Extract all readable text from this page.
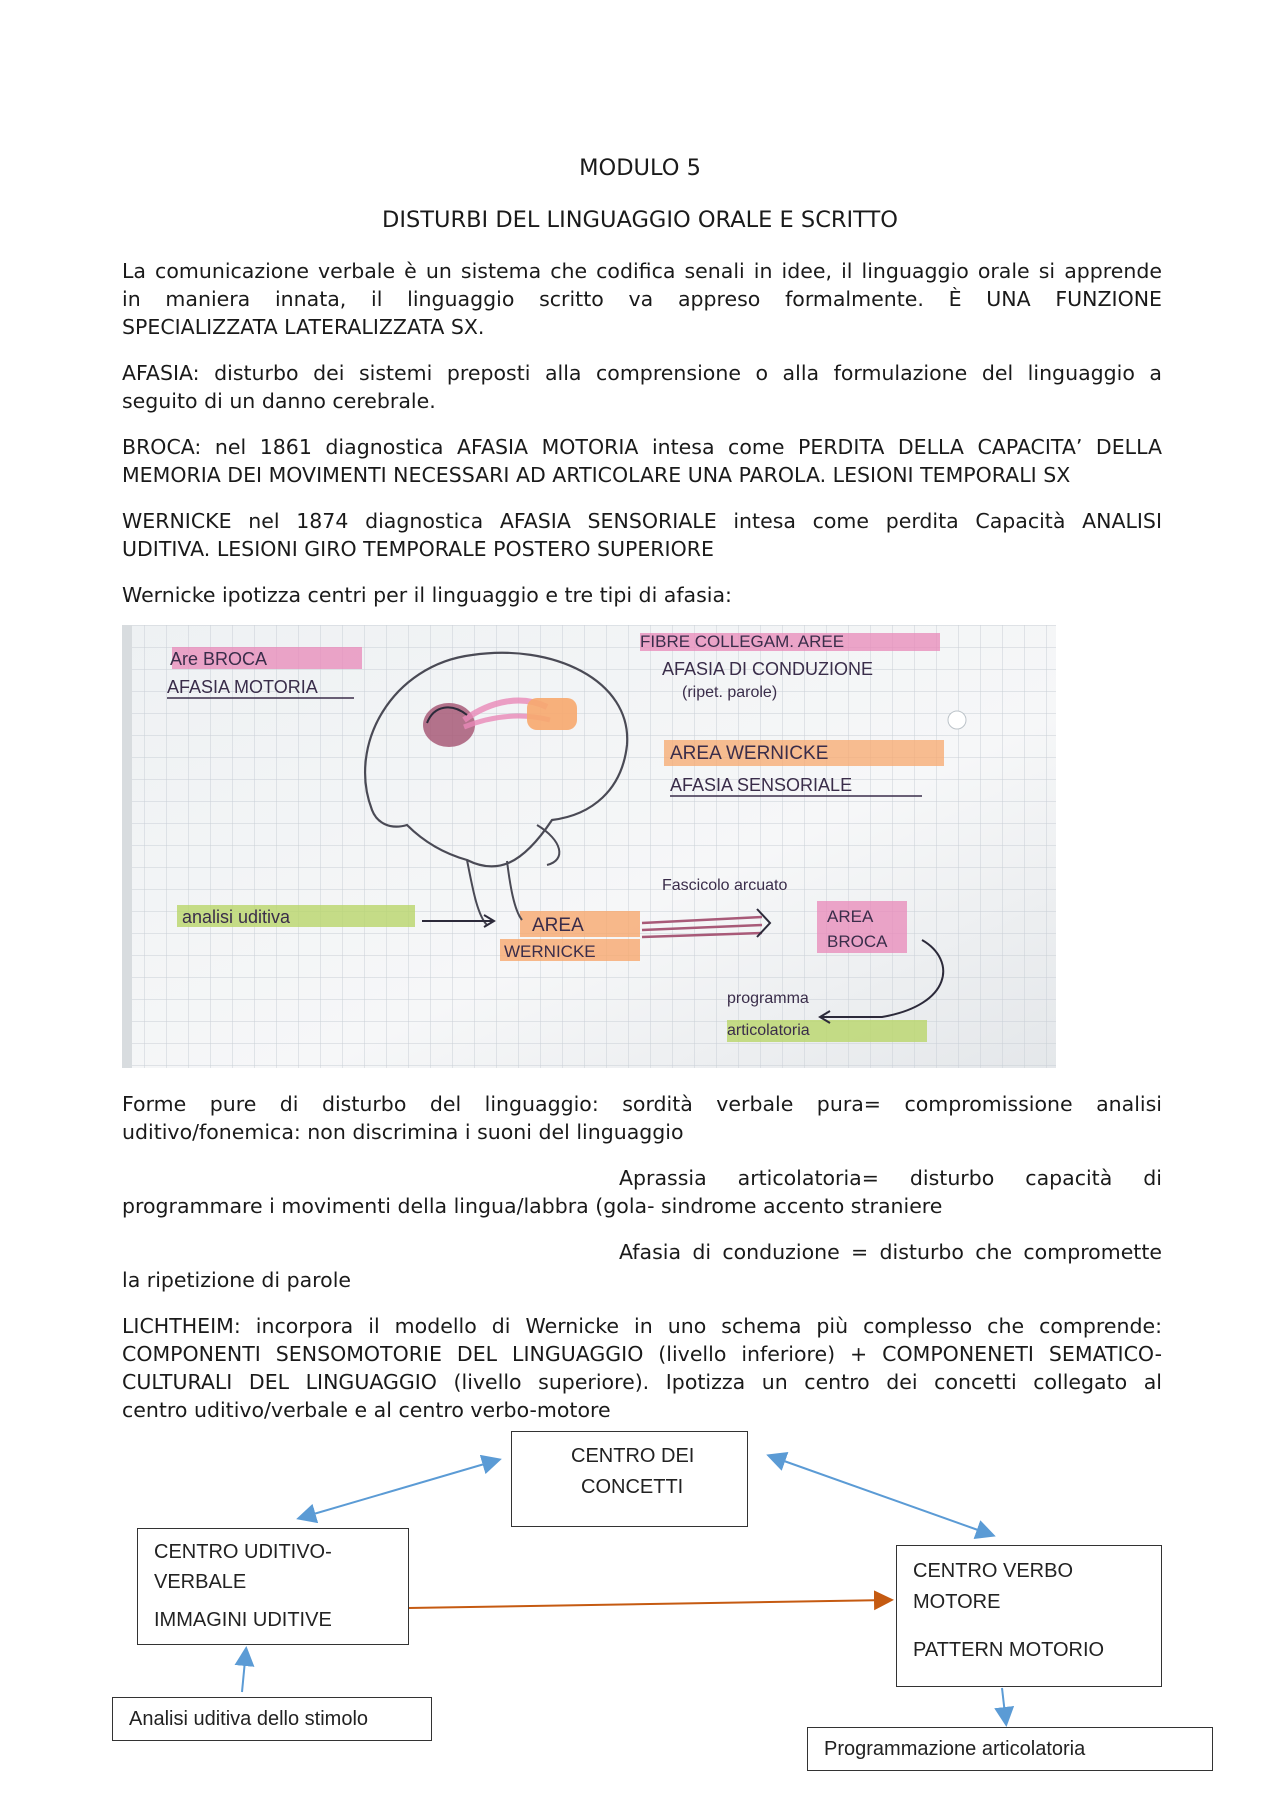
MODULO 5
DISTURBI DEL LINGUAGGIO ORALE E SCRITTO
La comunicazione verbale è un sistema che codifica senali in idee, il linguaggio orale si apprende
in maniera innata, il linguaggio scritto va appreso formalmente. È UNA FUNZIONE
SPECIALIZZATA LATERALIZZATA SX.
AFASIA: disturbo dei sistemi preposti alla comprensione o alla formulazione del linguaggio a
seguito di un danno cerebrale.
BROCA: nel 1861 diagnostica AFASIA MOTORIA intesa come PERDITA DELLA CAPACITA’ DELLA
MEMORIA DEI MOVIMENTI NECESSARI AD ARTICOLARE UNA PAROLA. LESIONI TEMPORALI SX
WERNICKE nel 1874 diagnostica AFASIA SENSORIALE intesa come perdita Capacità ANALISI
UDITIVA. LESIONI GIRO TEMPORALE POSTERO SUPERIORE
Wernicke ipotizza centri per il linguaggio e tre tipi di afasia:
Are BROCA
AFASIA MOTORIA
FIBRE COLLEGAM. AREE
AFASIA DI CONDUZIONE
(ripet. parole)
AREA WERNICKE
AFASIA SENSORIALE
analisi uditiva
Fascicolo arcuato
AREA
WERNICKE
AREA
BROCA
programma
articolatoria
Forme pure di disturbo del linguaggio: sordità verbale pura= compromissione analisi
uditivo/fonemica: non discrimina i suoni del linguaggio
Aprassia articolatoria= disturbo capacità di
programmare i movimenti della lingua/labbra (gola- sindrome accento straniere
Afasia di conduzione = disturbo che compromette
la ripetizione di parole
LICHTHEIM: incorpora il modello di Wernicke in uno schema più complesso che comprende:
COMPONENTI SENSOMOTORIE DEL LINGUAGGIO (livello inferiore) + COMPONENETI SEMATICO-
CULTURALI DEL LINGUAGGIO (livello superiore). Ipotizza un centro dei concetti collegato al
centro uditivo/verbale e al centro verbo-motore
CENTRO DEI
CONCETTI
CENTRO UDITIVO-
VERBALE
IMMAGINI UDITIVE
CENTRO VERBO
MOTORE
PATTERN MOTORIO
Analisi uditiva dello stimolo
Programmazione articolatoria
